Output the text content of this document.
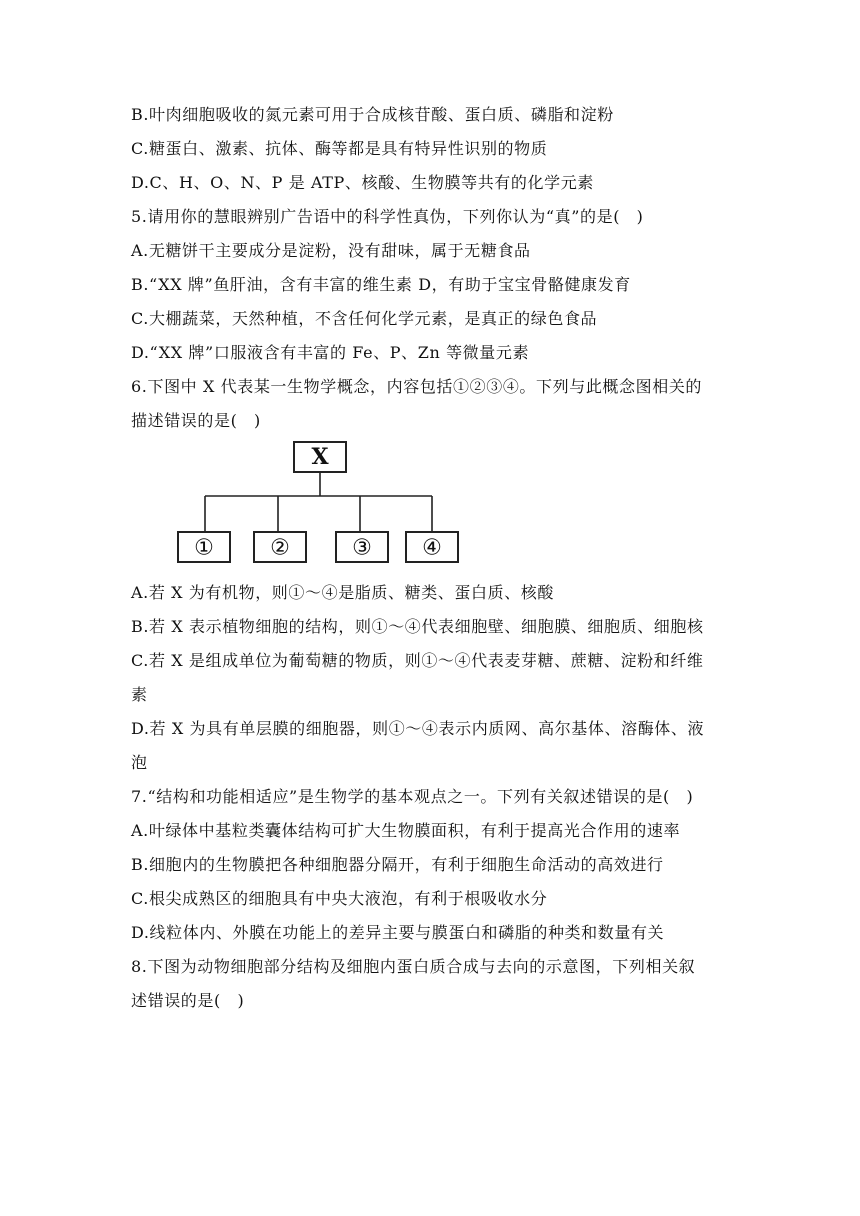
B.叶肉细胞吸收的氮元素可用于合成核苷酸、蛋白质、磷脂和淀粉
C.糖蛋白、激素、抗体、酶等都是具有特异性识别的物质
D.C、H、O、N、P 是 ATP、核酸、生物膜等共有的化学元素
5.请用你的慧眼辨别广告语中的科学性真伪，下列你认为“真”的是(　)
A.无糖饼干主要成分是淀粉，没有甜味，属于无糖食品
B.“XX 牌”鱼肝油，含有丰富的维生素 D，有助于宝宝骨骼健康发育
C.大棚蔬菜，天然种植，不含任何化学元素，是真正的绿色食品
D.“XX 牌”口服液含有丰富的 Fe、P、Zn 等微量元素
6.下图中 X 代表某一生物学概念，内容包括①②③④。下列与此概念图相关的
描述错误的是(　)
X
①	②	③ ④
A.若 X 为有机物，则①～④是脂质、糖类、蛋白质、核酸
B.若 X 表示植物细胞的结构，则①～④代表细胞壁、细胞膜、细胞质、细胞核
C.若 X 是组成单位为葡萄糖的物质，则①～④代表麦芽糖、蔗糖、淀粉和纤维
素
D.若 X 为具有单层膜的细胞器，则①～④表示内质网、高尔基体、溶酶体、液
泡
7.“结构和功能相适应”是生物学的基本观点之一。下列有关叙述错误的是(　)
A.叶绿体中基粒类囊体结构可扩大生物膜面积，有利于提高光合作用的速率
B.细胞内的生物膜把各种细胞器分隔开，有利于细胞生命活动的高效进行
C.根尖成熟区的细胞具有中央大液泡，有利于根吸收水分
D.线粒体内、外膜在功能上的差异主要与膜蛋白和磷脂的种类和数量有关
8.下图为动物细胞部分结构及细胞内蛋白质合成与去向的示意图，下列相关叙
述错误的是(　)
